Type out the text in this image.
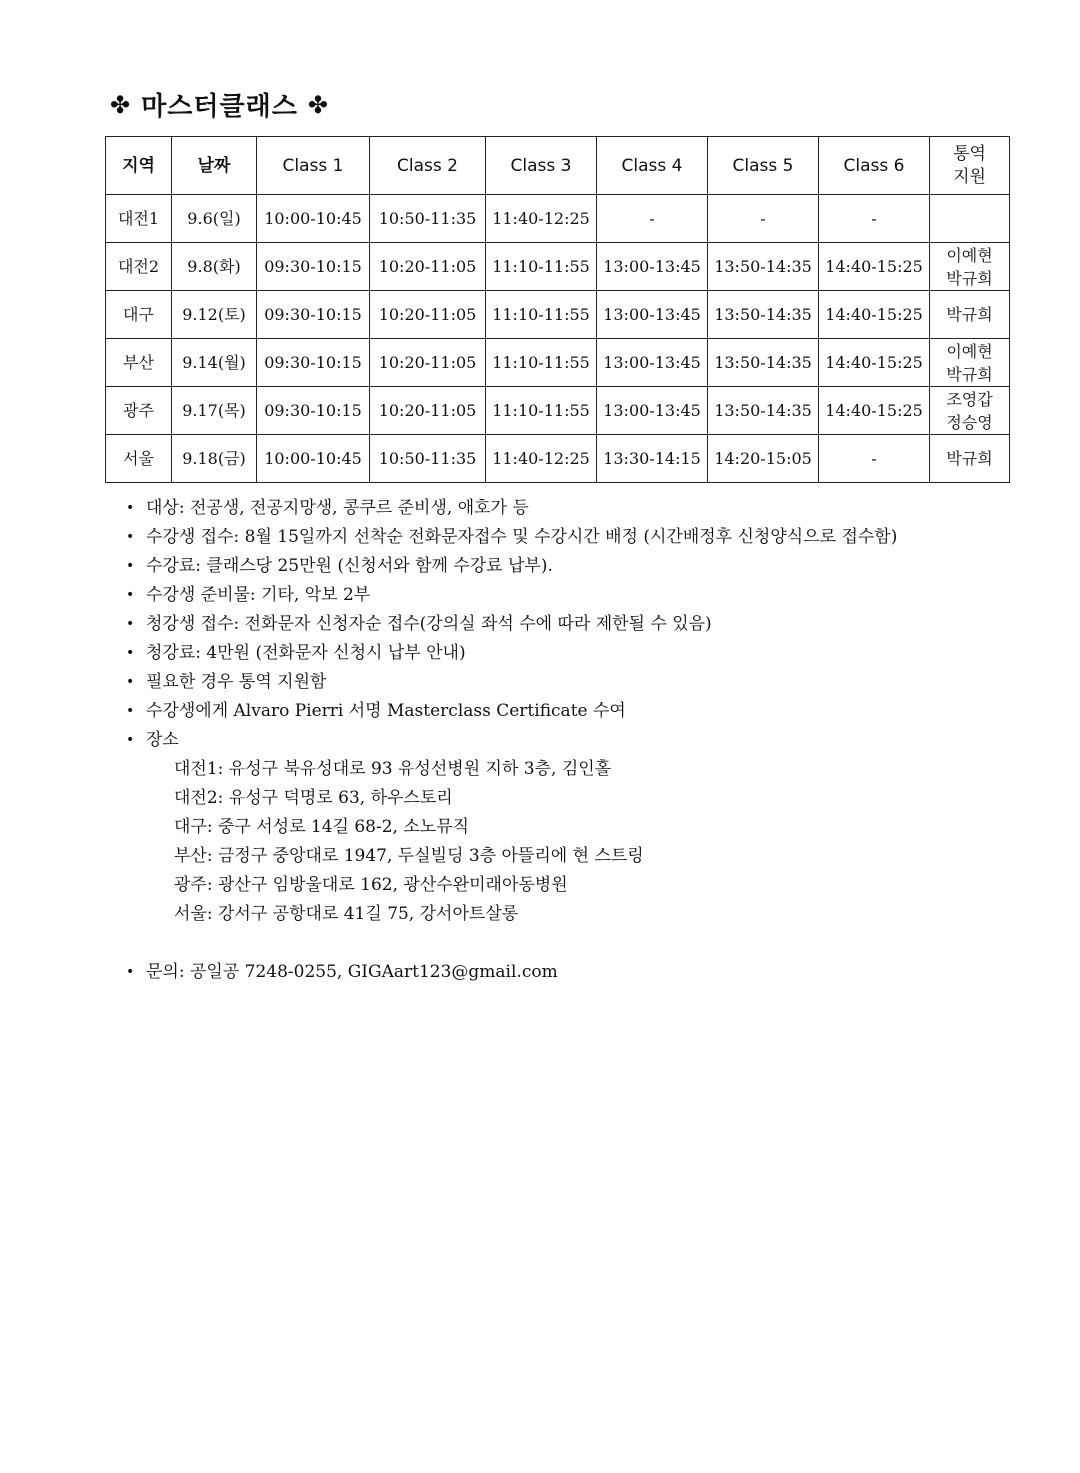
✤ 마스터클래스 ✤
지역	날짜	Class 1	Class 2	Class 3	Class 4	Class 5	Class 6	통역
지원

대전1	9.6(일)	10:00-10:45	10:50-11:35	11:40-12:25	-	-	-	
대전2	9.8(화)	09:30-10:15	10:20-11:05	11:10-11:55	13:00-13:45	13:50-14:35	14:40-15:25	이예현
박규희

대구	9.12(토)	09:30-10:15	10:20-11:05	11:10-11:55	13:00-13:45	13:50-14:35	14:40-15:25	박규희

부산	9.14(월)	09:30-10:15	10:20-11:05	11:10-11:55	13:00-13:45	13:50-14:35	14:40-15:25	이예현
박규희

광주	9.17(목)	09:30-10:15	10:20-11:05	11:10-11:55	13:00-13:45	13:50-14:35	14:40-15:25	조영갑
정승영

서울	9.18(금)	10:00-10:45	10:50-11:35	11:40-12:25	13:30-14:15	14:20-15:05	-	박규희
• 대상: 전공생, 전공지망생, 콩쿠르 준비생, 애호가 등
• 수강생 접수: 8월 15일까지 선착순 전화문자접수 및 수강시간 배정 (시간배정후 신청양식으로 접수함)
• 수강료: 클래스당 25만원 (신청서와 함께 수강료 납부).
• 수강생 준비물: 기타, 악보 2부
• 청강생 접수: 전화문자 신청자순 접수(강의실 좌석 수에 따라 제한될 수 있음)
• 청강료: 4만원 (전화문자 신청시 납부 안내)
• 필요한 경우 통역 지원함
• 수강생에게 Alvaro Pierri 서명 Masterclass Certificate 수여
• 장소
대전1: 유성구 북유성대로 93 유성선병원 지하 3층, 김인홀
대전2: 유성구 덕명로 63, 하우스토리
대구: 중구 서성로 14길 68-2, 소노뮤직
부산: 금정구 중앙대로 1947, 두실빌딩 3층 아뜰리에 현 스트링
광주: 광산구 임방울대로 162, 광산수완미래아동병원
서울: 강서구 공항대로 41길 75, 강서아트살롱
• 문의: 공일공 7248-0255, GIGAart123@gmail.com
